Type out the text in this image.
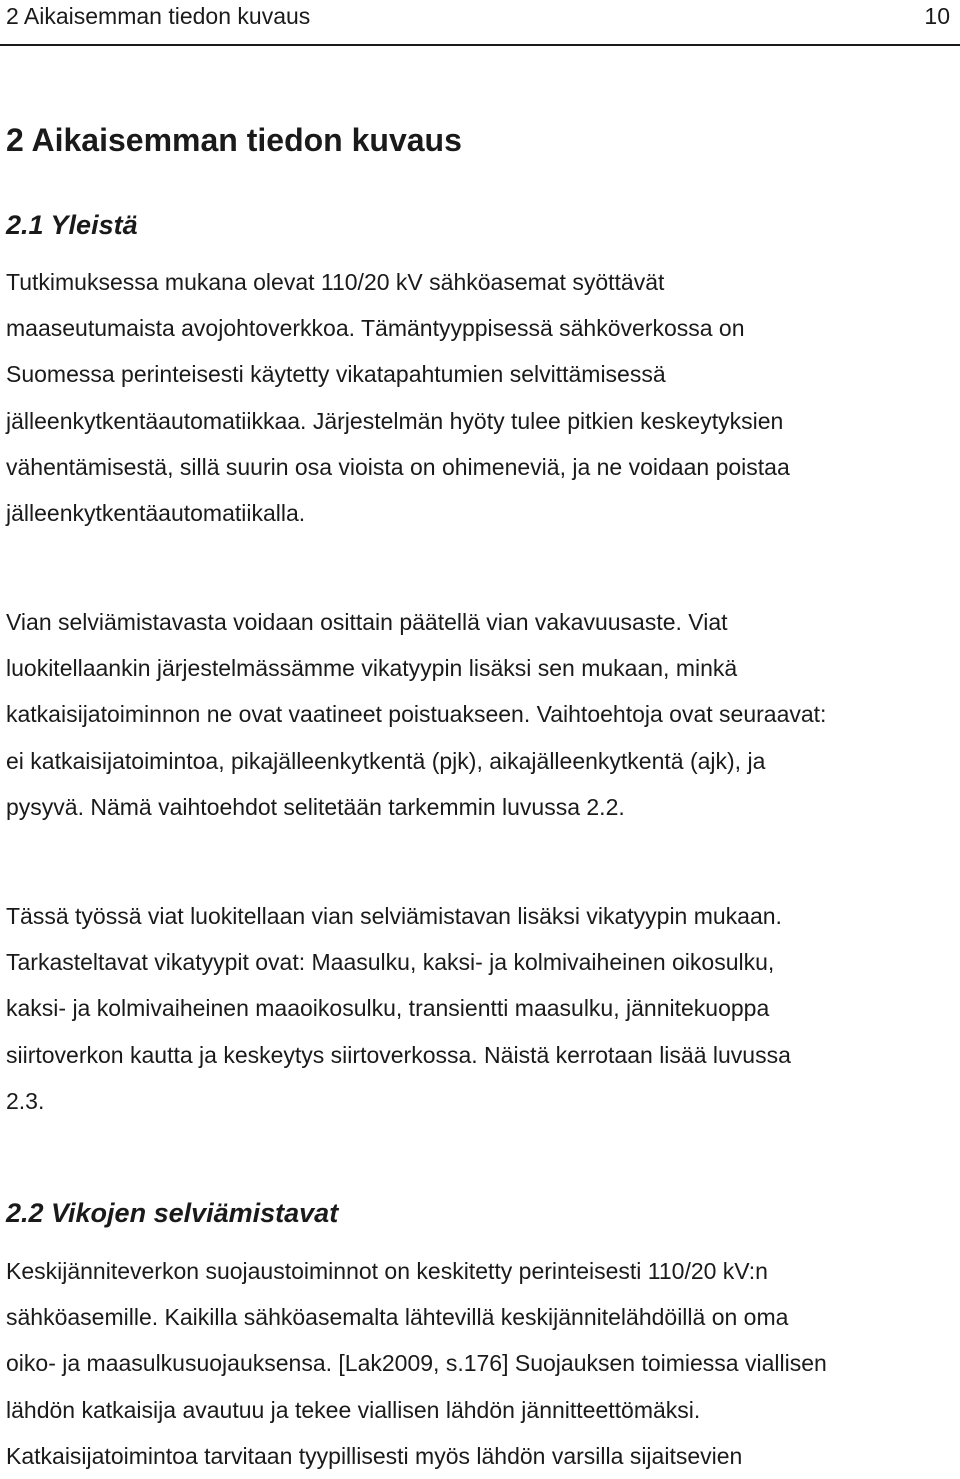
2 Aikaisemman tiedon kuvaus	10
2 Aikaisemman tiedon kuvaus
2.1 Yleistä
Tutkimuksessa mukana olevat 110/20 kV sähköasemat syöttävät
maaseutumaista avojohtoverkkoa. Tämäntyyppisessä sähköverkossa on
Suomessa perinteisesti käytetty vikatapahtumien selvittämisessä
jälleenkytkentäautomatiikkaa. Järjestelmän hyöty tulee pitkien keskeytyksien
vähentämisestä, sillä suurin osa vioista on ohimeneviä, ja ne voidaan poistaa
jälleenkytkentäautomatiikalla.
Vian selviämistavasta voidaan osittain päätellä vian vakavuusaste. Viat
luokitellaankin järjestelmässämme vikatyypin lisäksi sen mukaan, minkä
katkaisijatoiminnon ne ovat vaatineet poistuakseen. Vaihtoehtoja ovat seuraavat:
ei katkaisijatoimintoa, pikajälleenkytkentä (pjk), aikajälleenkytkentä (ajk), ja
pysyvä. Nämä vaihtoehdot selitetään tarkemmin luvussa 2.2.
Tässä työssä viat luokitellaan vian selviämistavan lisäksi vikatyypin mukaan.
Tarkasteltavat vikatyypit ovat: Maasulku, kaksi- ja kolmivaiheinen oikosulku,
kaksi- ja kolmivaiheinen maaoikosulku, transientti maasulku, jännitekuoppa
siirtoverkon kautta ja keskeytys siirtoverkossa. Näistä kerrotaan lisää luvussa
2.3.
2.2 Vikojen selviämistavat
Keskijänniteverkon suojaustoiminnot on keskitetty perinteisesti 110/20 kV:n
sähköasemille. Kaikilla sähköasemalta lähtevillä keskijännitelähdöillä on oma
oiko- ja maasulkusuojauksensa. [Lak2009, s.176] Suojauksen toimiessa viallisen
lähdön katkaisija avautuu ja tekee viallisen lähdön jännitteettömäksi.
Katkaisijatoimintoa tarvitaan tyypillisesti myös lähdön varsilla sijaitsevien
